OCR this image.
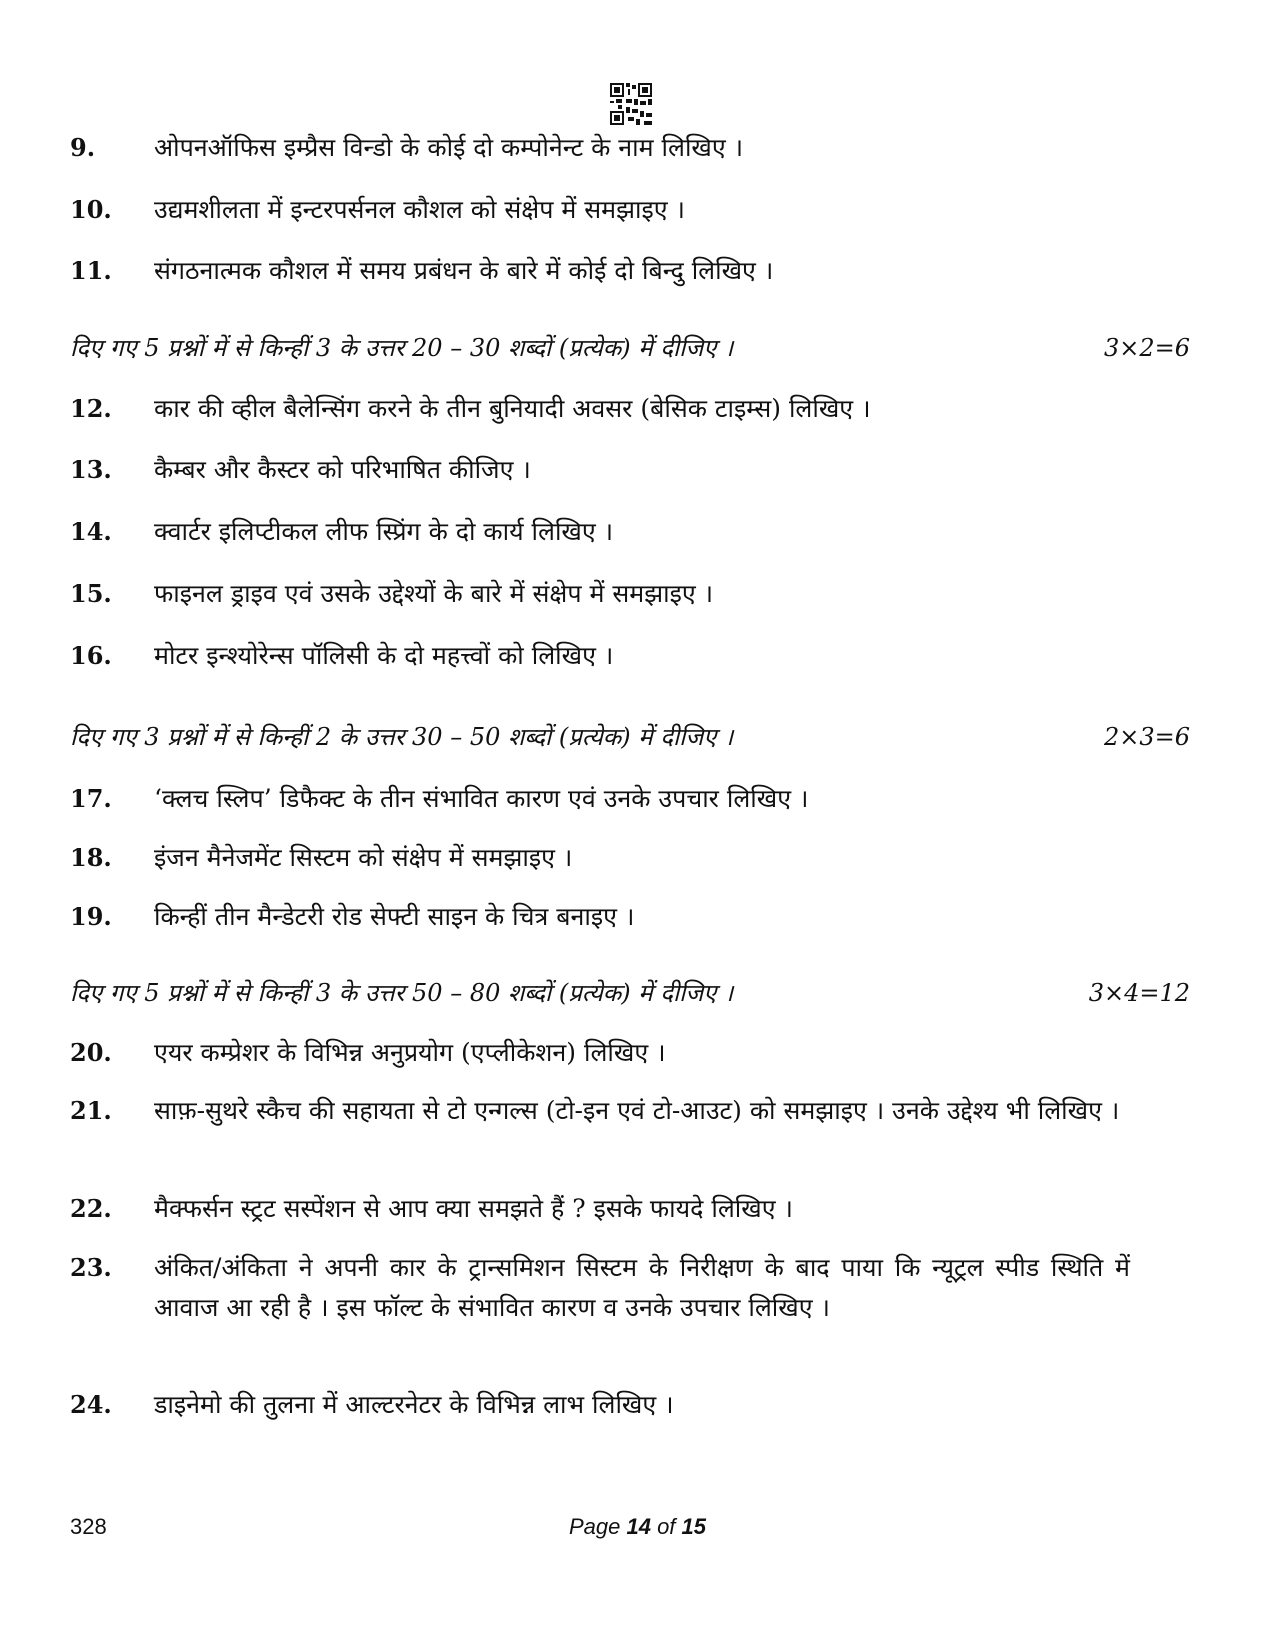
9.	ओपनऑफिस इम्प्रैस विन्डो के कोई दो कम्पोनेन्ट के नाम लिखिए ।
10.	उद्यमशीलता में इन्टरपर्सनल कौशल को संक्षेप में समझाइए ।
11.	संगठनात्मक कौशल में समय प्रबंधन के बारे में कोई दो बिन्दु लिखिए ।
दिए गए 5 प्रश्नों में से किन्हीं 3 के उत्तर 20 – 30 शब्दों (प्रत्येक) में दीजिए ।	3×2=6
12.	कार की व्हील बैलेन्सिंग करने के तीन बुनियादी अवसर (बेसिक टाइम्स) लिखिए ।
13.	कैम्बर और कैस्टर को परिभाषित कीजिए ।
14.	क्वार्टर इलिप्टीकल लीफ स्प्रिंग के दो कार्य लिखिए ।
15.	फाइनल ड्राइव एवं उसके उद्देश्यों के बारे में संक्षेप में समझाइए ।
16.	मोटर इन्श्योरेन्स पॉलिसी के दो महत्त्वों को लिखिए ।
दिए गए 3 प्रश्नों में से किन्हीं 2 के उत्तर 30 – 50 शब्दों (प्रत्येक) में दीजिए ।	2×3=6
17.	‘क्लच स्लिप’ डिफैक्ट के तीन संभावित कारण एवं उनके उपचार लिखिए ।
18.	इंजन मैनेजमेंट सिस्टम को संक्षेप में समझाइए ।
19.	किन्हीं तीन मैन्डेटरी रोड सेफ्टी साइन के चित्र बनाइए ।
दिए गए 5 प्रश्नों में से किन्हीं 3 के उत्तर 50 – 80 शब्दों (प्रत्येक) में दीजिए ।	3×4=12
20.	एयर कम्प्रेशर के विभिन्न अनुप्रयोग (एप्लीकेशन) लिखिए ।
21.	साफ़-सुथरे स्कैच की सहायता से टो एन्गल्स (टो-इन एवं टो-आउट) को समझाइए । उनके उद्देश्य भी लिखिए ।
22.	मैक्फर्सन स्ट्रट सस्पेंशन से आप क्या समझते हैं ? इसके फायदे लिखिए ।
23.	अंकित/अंकिता ने अपनी कार के ट्रान्समिशन सिस्टम के निरीक्षण के बाद पाया कि न्यूट्रल स्पीड स्थिति में आवाज आ रही है । इस फॉल्ट के संभावित कारण व उनके उपचार लिखिए ।
24.	डाइनेमो की तुलना में आल्टरनेटर के विभिन्न लाभ लिखिए ।
328	Page 14 of 15
